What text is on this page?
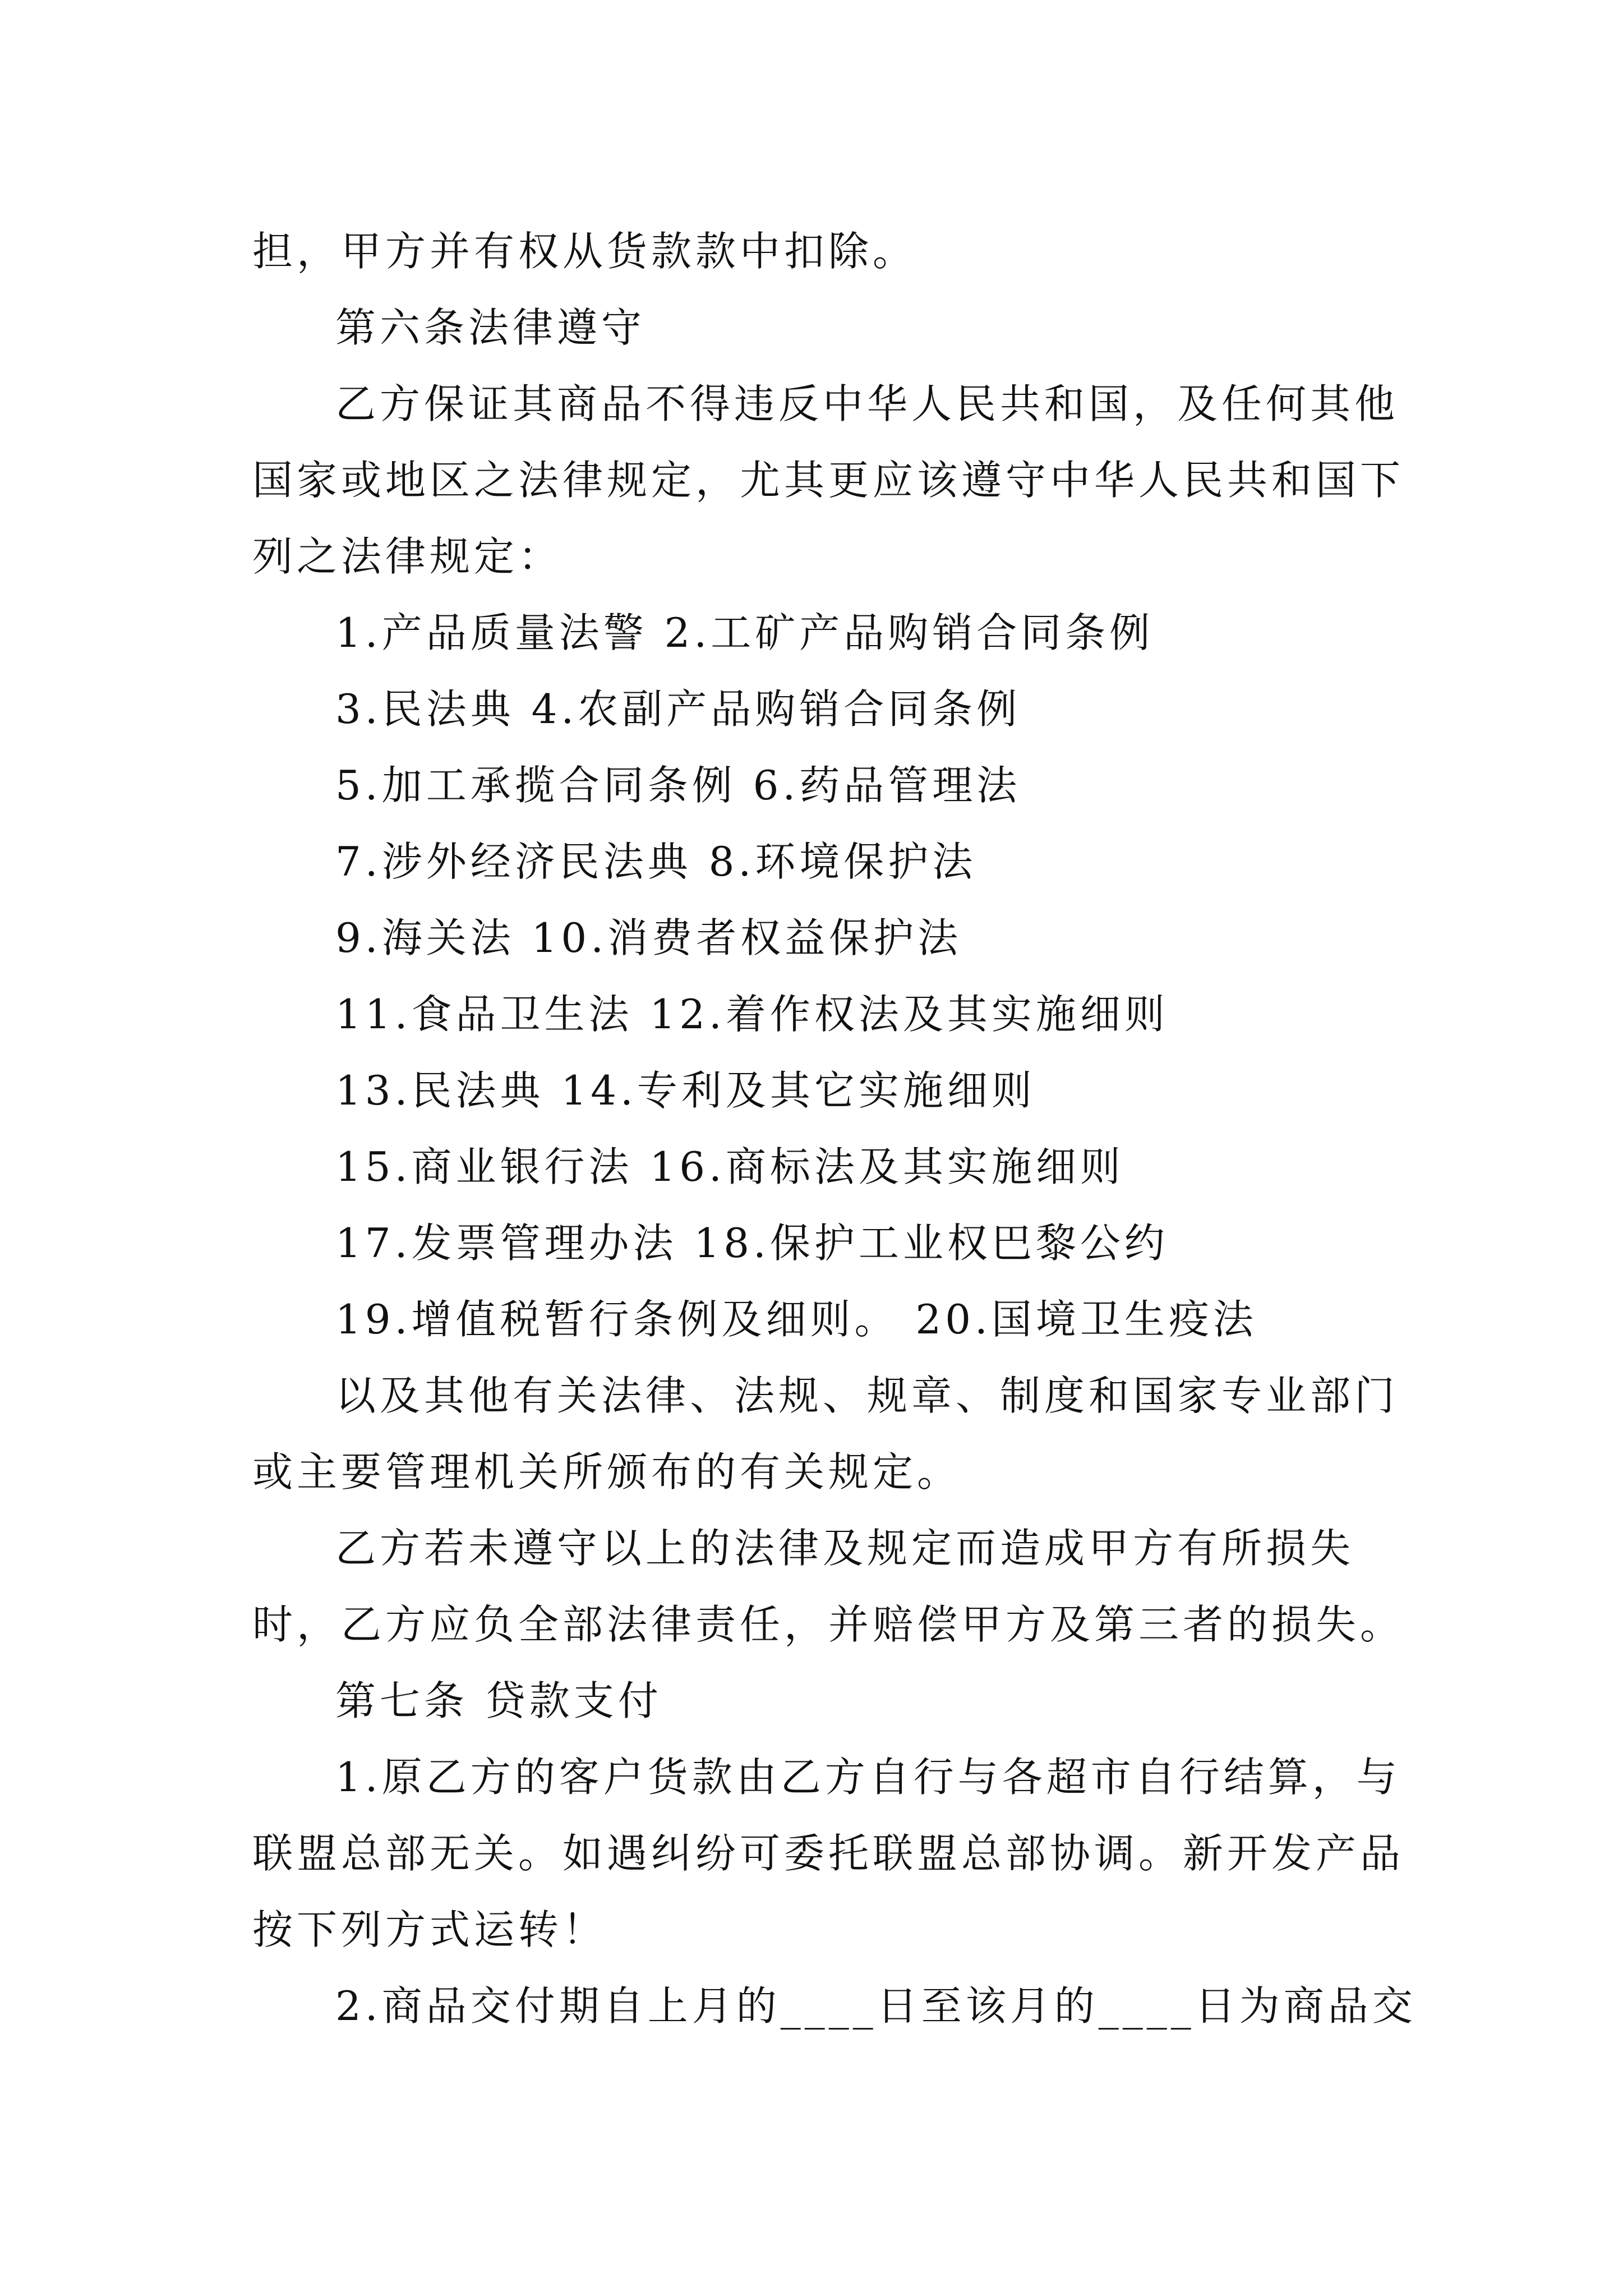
担，甲方并有权从货款款中扣除。
第六条法律遵守
乙方保证其商品不得违反中华人民共和国，及任何其他
国家或地区之法律规定，尤其更应该遵守中华人民共和国下
列之法律规定：
1.产品质量法警 2.工矿产品购销合同条例
3.民法典 4.农副产品购销合同条例
5.加工承揽合同条例 6.药品管理法
7.涉外经济民法典 8.环境保护法
9.海关法 10.消费者权益保护法
11.食品卫生法 12.着作权法及其实施细则
13.民法典 14.专利及其它实施细则
15.商业银行法 16.商标法及其实施细则
17.发票管理办法 18.保护工业权巴黎公约
19.增值税暂行条例及细则。 20.国境卫生疫法
以及其他有关法律、法规、规章、制度和国家专业部门
或主要管理机关所颁布的有关规定。
乙方若未遵守以上的法律及规定而造成甲方有所损失
时，乙方应负全部法律责任，并赔偿甲方及第三者的损失。
第七条 贷款支付
1.原乙方的客户货款由乙方自行与各超市自行结算，与
联盟总部无关。如遇纠纷可委托联盟总部协调。新开发产品
按下列方式运转！
2.商品交付期自上月的____日至该月的____日为商品交
